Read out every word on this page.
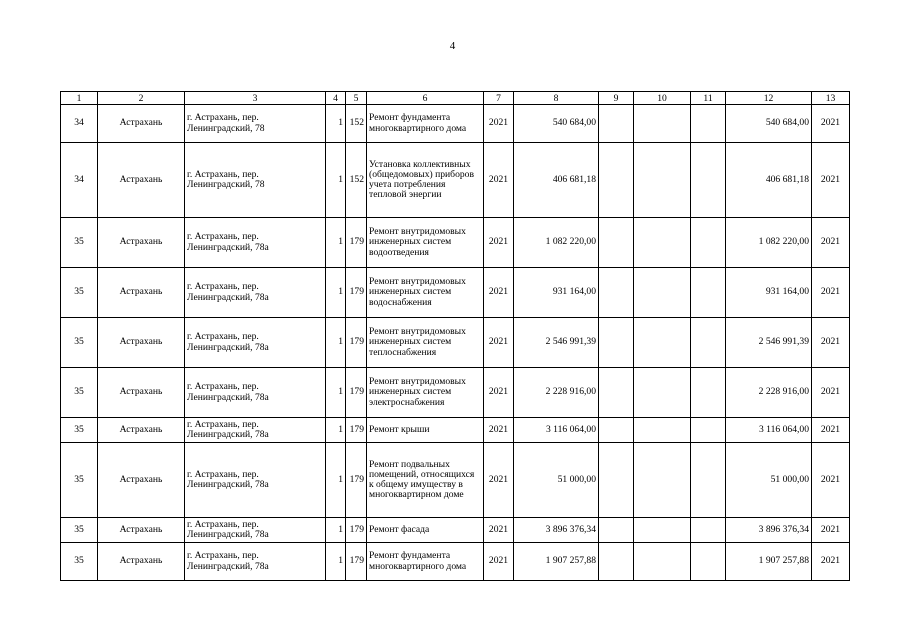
4
1	2	3	4	5	6	7	8	9	10	11	12	13
34	Астрахань	г. Астрахань, пер. Ленинградский, 78	1	152	Ремонт фундамента многоквартирного дома	2021	540 684,00				540 684,00	2021
34	Астрахань	г. Астрахань, пер. Ленинградский, 78	1	152	Установка коллективных (общедомовых) приборов учета потребления тепловой энергии	2021	406 681,18				406 681,18	2021
35	Астрахань	г. Астрахань, пер. Ленинградский, 78а	1	179	Ремонт внутридомовых инженерных систем водоотведения	2021	1 082 220,00				1 082 220,00	2021
35	Астрахань	г. Астрахань, пер. Ленинградский, 78а	1	179	Ремонт внутридомовых инженерных систем водоснабжения	2021	931 164,00				931 164,00	2021
35	Астрахань	г. Астрахань, пер. Ленинградский, 78а	1	179	Ремонт внутридомовых инженерных систем теплоснабжения	2021	2 546 991,39				2 546 991,39	2021
35	Астрахань	г. Астрахань, пер. Ленинградский, 78а	1	179	Ремонт внутридомовых инженерных систем электроснабжения	2021	2 228 916,00				2 228 916,00	2021
35	Астрахань	г. Астрахань, пер. Ленинградский, 78а	1	179	Ремонт крыши	2021	3 116 064,00				3 116 064,00	2021
35	Астрахань	г. Астрахань, пер. Ленинградский, 78а	1	179	Ремонт подвальных помещений, относящихся к общему имуществу в многоквартирном доме	2021	51 000,00				51 000,00	2021
35	Астрахань	г. Астрахань, пер. Ленинградский, 78а	1	179	Ремонт фасада	2021	3 896 376,34				3 896 376,34	2021
35	Астрахань	г. Астрахань, пер. Ленинградский, 78а	1	179	Ремонт фундамента многоквартирного дома	2021	1 907 257,88				1 907 257,88	2021
